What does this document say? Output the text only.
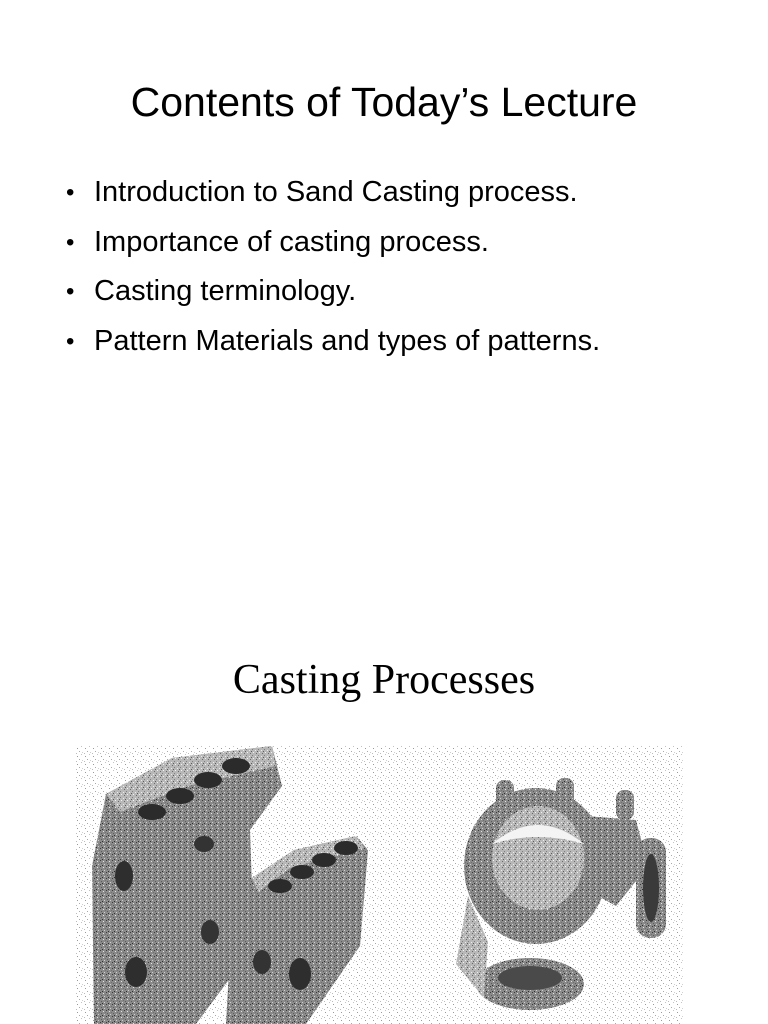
Contents of Today’s Lecture
• Introduction to Sand Casting process.
• Importance of casting process.
• Casting terminology.
• Pattern Materials and types of patterns.
Casting Processes
